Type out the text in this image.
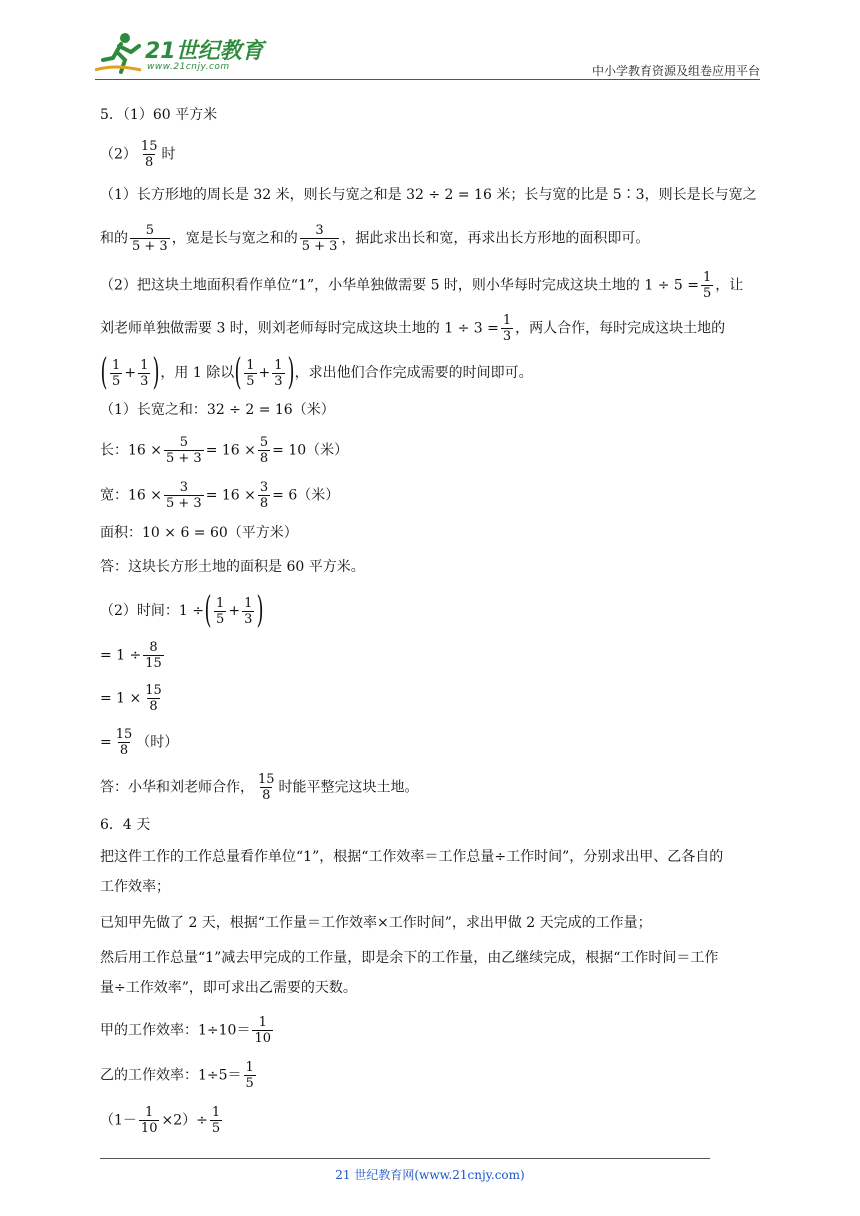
21世纪教育
www.21cnjy.com	中小学教育资源及组卷应用平台
5．（1）60 平方米
$(2) \frac{15}{8}$ 时
（1）长方形地的周长是 32 米，则长与宽之和是 32 ÷ 2 = 16 米；长与宽的比是 5∶3，则长是长与宽之
和的 $\frac{5}{5 + 3}$ ，宽是长与宽之和的 $\frac{3}{5 + 3}$ ，据此求出长和宽，再求出长方形地的面积即可。
（2）把这块土地面积看作单位“1”，小华单独做需要 5 时，则小华每时完成这块土地的 $1 \div 5 = \frac{1}{5}$ ，让
刘老师单独做需要 3 时，则刘老师每时完成这块土地的 $1 \div 3 = \frac{1}{3}$ ，两人合作，每时完成这块土地的
( $\frac{1}{5} + \frac{1}{3}$ )，用 1 除以( $\frac{1}{5} + \frac{1}{3}$ )，求出他们合作完成需要的时间即可。
（1）长宽之和：32 ÷ 2 = 16（米）
长：$16 \times \frac{5}{5 + 3} = 16 \times \frac{5}{8} = 10$（米）
宽：$16 \times \frac{3}{5 + 3} = 16 \times \frac{3}{8} = 6$（米）
面积：10 × 6 = 60（平方米）
答：这块长方形土地的面积是 60 平方米。
（2）时间：1 ÷( $\frac{1}{5} + \frac{1}{3}$ )
= $1 \div \frac{8}{15}$
= $1 \times \frac{15}{8}$
= $\frac{15}{8}$ （时）
答：小华和刘老师合作， $\frac{15}{8}$ 时能平整完这块土地。
6．4 天
把这件工作的工作总量看作单位“1”，根据“工作效率＝工作总量÷工作时间”，分别求出甲、乙各自的
工作效率；
已知甲先做了 2 天，根据“工作量＝工作效率×工作时间”，求出甲做 2 天完成的工作量；
然后用工作总量“1”减去甲完成的工作量，即是余下的工作量，由乙继续完成，根据“工作时间＝工作
量÷工作效率”，即可求出乙需要的天数。
甲的工作效率：$1\div 10= \frac{1}{10}$
乙的工作效率：$1\div 5= \frac{1}{5}$
$(1- \frac{1}{10} \times 2)\div \frac{1}{5}$
21 世纪教育网(www.21cnjy.com)
